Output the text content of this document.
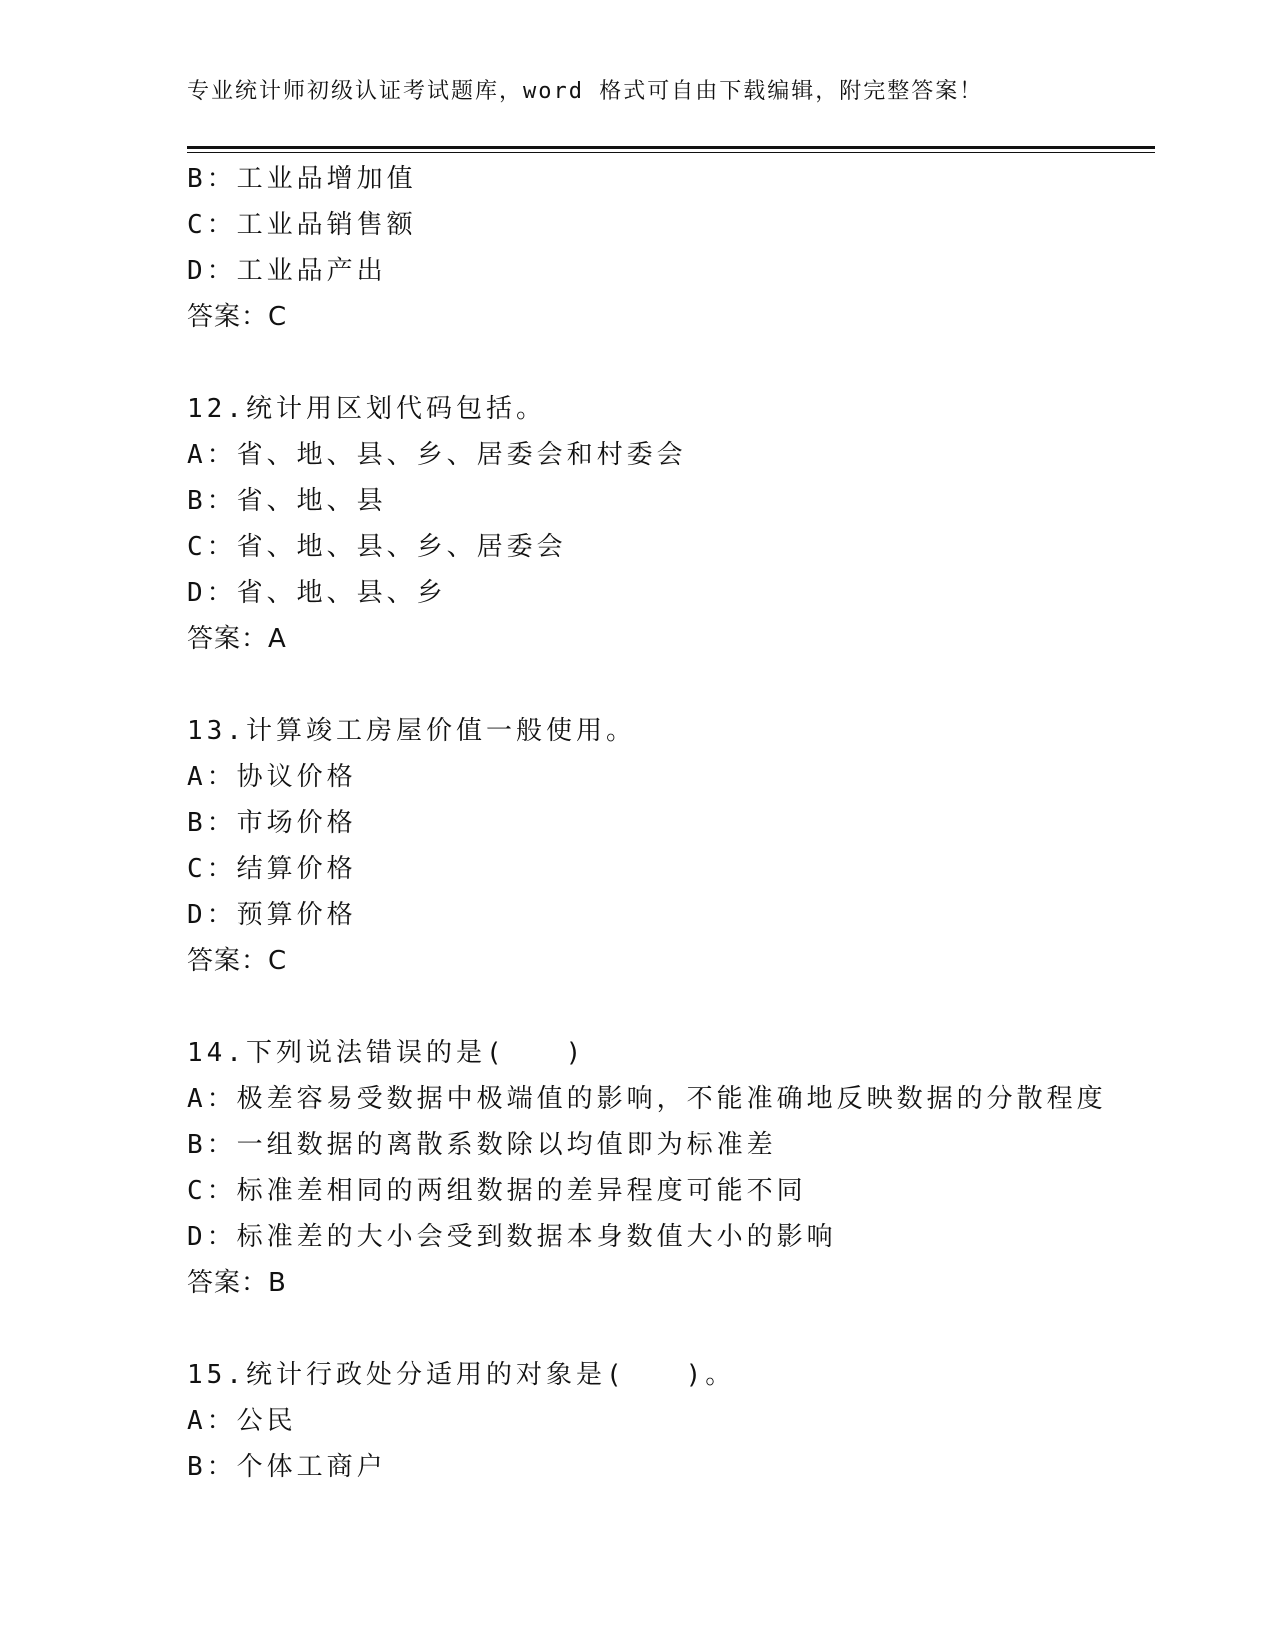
专业统计师初级认证考试题库，word 格式可自由下载编辑，附完整答案！
B：工业品增加值
C：工业品销售额
D：工业品产出
答案：C
12.统计用区划代码包括。
A：省、地、县、乡、居委会和村委会
B：省、地、县
C：省、地、县、乡、居委会
D：省、地、县、乡
答案：A
13.计算竣工房屋价值一般使用。
A：协议价格
B：市场价格
C：结算价格
D：预算价格
答案：C
14.下列说法错误的是(　　)
A：极差容易受数据中极端值的影响，不能准确地反映数据的分散程度
B：一组数据的离散系数除以均值即为标准差
C：标准差相同的两组数据的差异程度可能不同
D：标准差的大小会受到数据本身数值大小的影响
答案：B
15.统计行政处分适用的对象是(　　)。
A：公民
B：个体工商户
